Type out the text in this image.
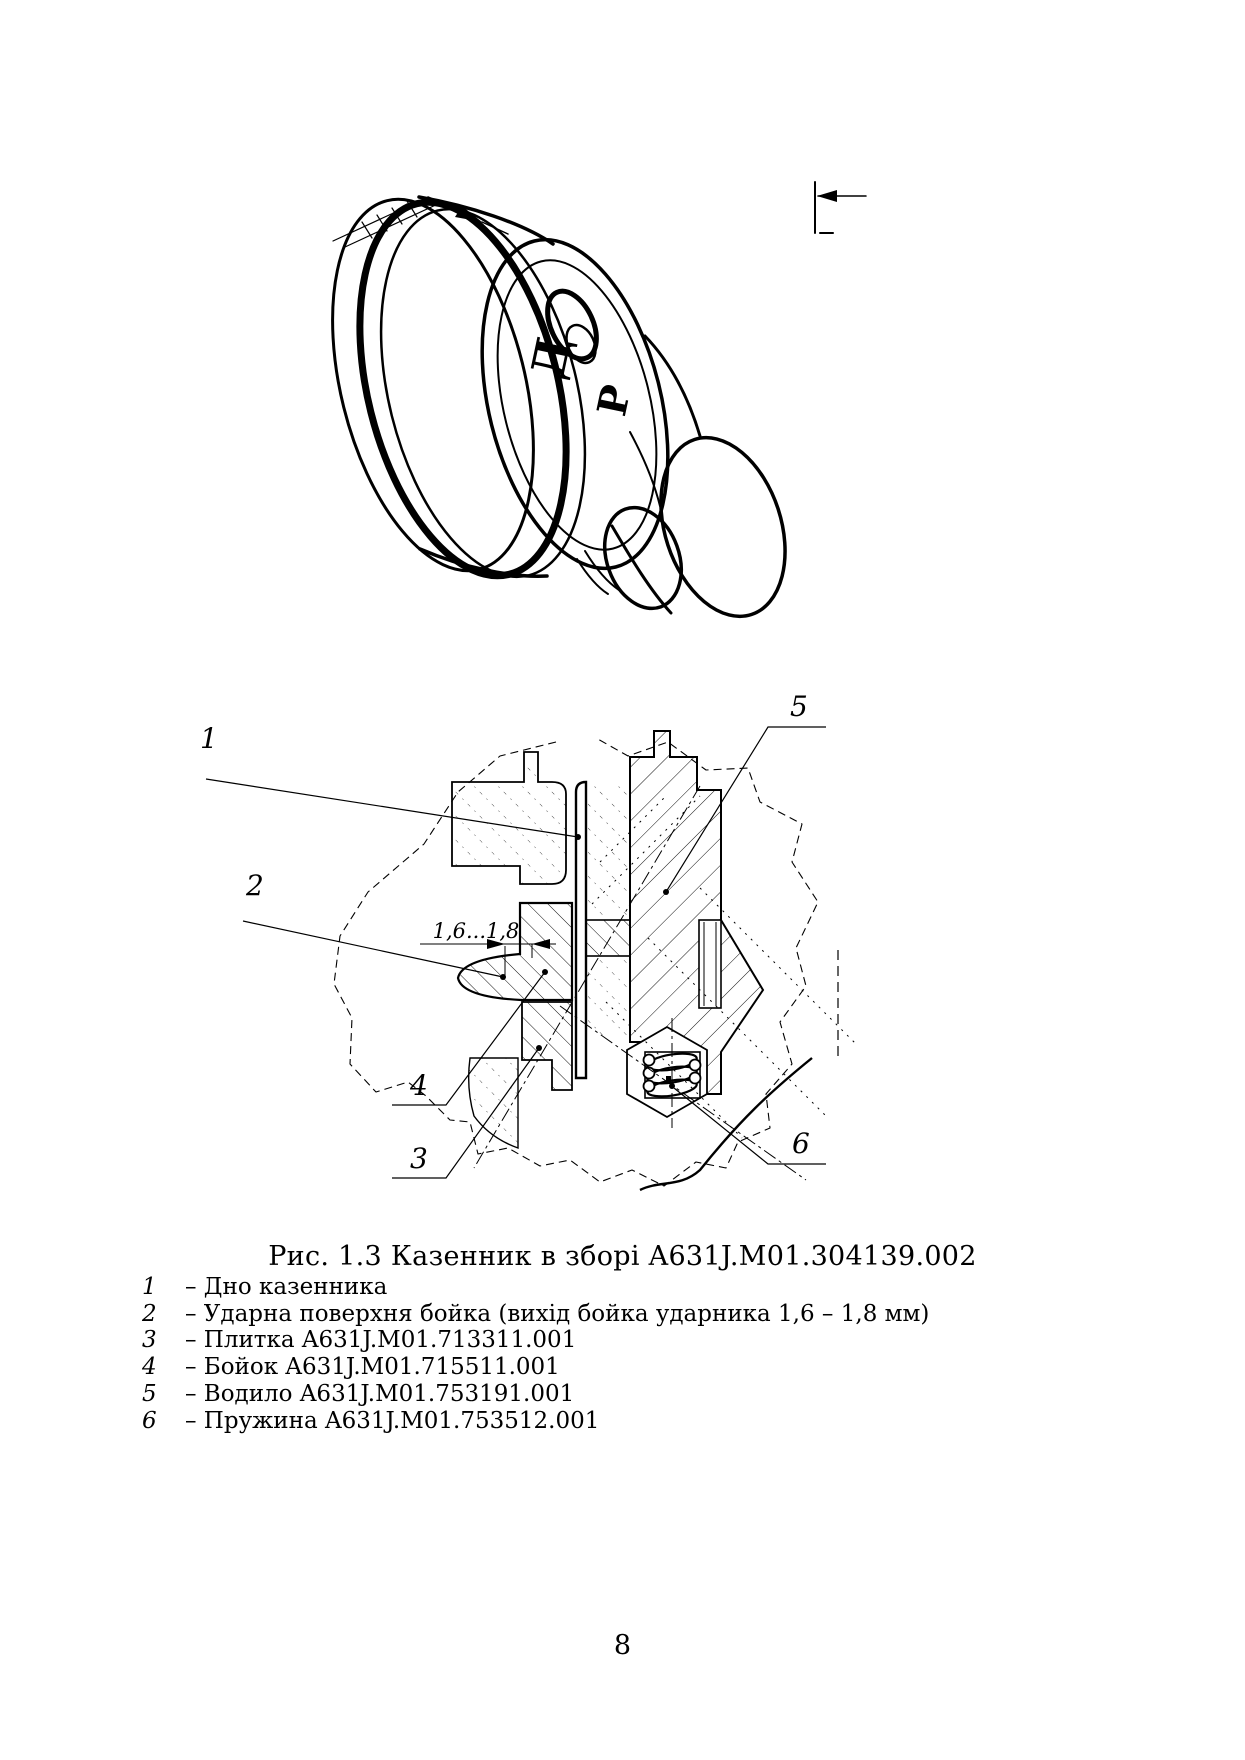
Д
Р
1,6...1,8
1
2
3
4
5
6
Рис. 1.3 Казенник в зборі A631J.M01.304139.002
1	– Дно казенника
2	– Ударна поверхня бойка (вихід бойка ударника 1,6 – 1,8 мм)
3	– Плитка A631J.M01.713311.001
4	– Бойок A631J.M01.715511.001
5	– Водило A631J.M01.753191.001
6	– Пружина A631J.M01.753512.001
8
